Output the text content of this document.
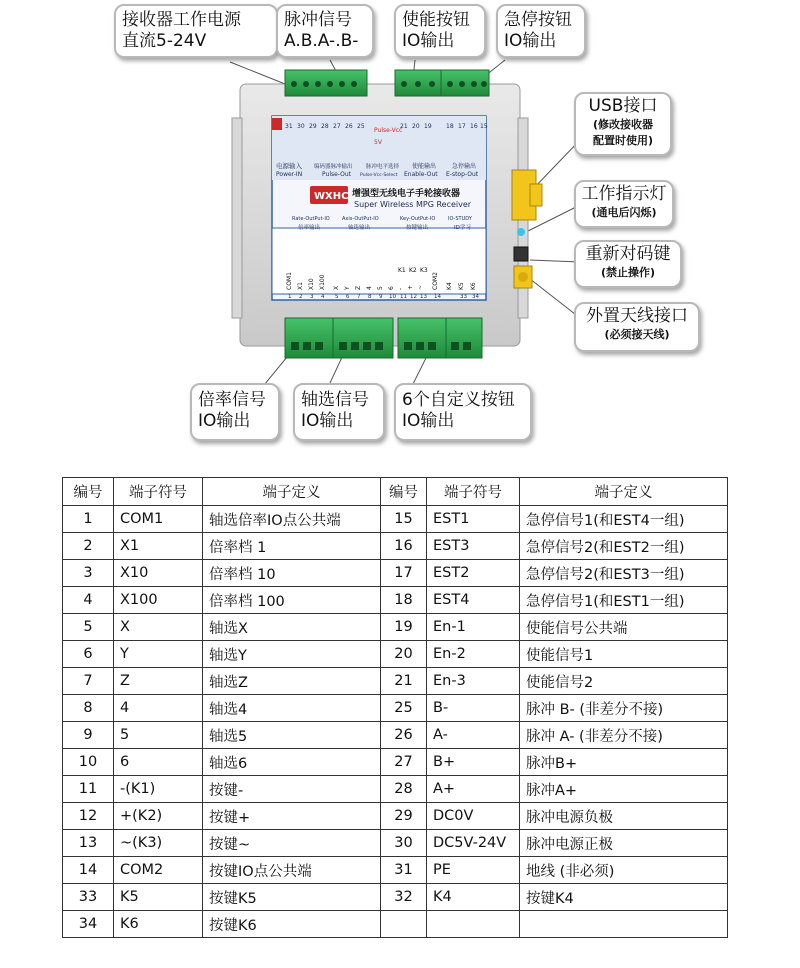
31 30 29 28 27 26 25	21 20 19 18 17 16 15
Pulse-Vcc
5V
电源输入
Power-IN
编码器脉冲输出
Pulse-Out
脉冲电平选择
Pulse-Vcc-Select
使能输出
Enable-Out
急停输出
E-stop-Out
WXHC 增强型无线电子手轮接收器
Super Wireless MPG Receiver
Rate-OutPut-IO
倍率输出
Axis-OutPut-IO
轴选输出
Key-OutPut-IO
按键输出
IO-STUDY
ID学习
COM1 X1 X10 X100 X Y Z 4 5 6 - + ~ COM2 K4 K5 K6
K1 K2 K3
1 2 3 4 5 6 7 8 9 10 11 12 13 14	33 34
接收器工作电源
直流5-24V
脉冲信号
A.B.A-.B-
使能按钮
IO输出
急停按钮
IO输出
USB接口
(修改接收器
配置时使用)
工作指示灯
(通电后闪烁)
重新对码键
(禁止操作)
外置天线接口
(必须接天线)
倍率信号
IO输出
轴选信号
IO输出
6个自定义按钮
IO输出
编号	端子符号	端子定义	编号	端子符号	端子定义
1	COM1	轴选倍率IO点公共端	15	EST1	急停信号1(和EST4一组)
2	X1	倍率档 1	16	EST3	急停信号2(和EST2一组)
3	X10	倍率档 10	17	EST2	急停信号2(和EST3一组)
4	X100	倍率档 100	18	EST4	急停信号1(和EST1一组)
5	X	轴选X	19	En-1	使能信号公共端
6	Y	轴选Y	20	En-2	使能信号1
7	Z	轴选Z	21	En-3	使能信号2
8	4	轴选4	25	B-	脉冲 B- (非差分不接)
9	5	轴选5	26	A-	脉冲 A- (非差分不接)
10	6	轴选6	27	B+	脉冲B+
11	-(K1)	按键-	28	A+	脉冲A+
12	+(K2)	按键+	29	DC0V	脉冲电源负极
13	~(K3)	按键~	30	DC5V-24V	脉冲电源正极
14	COM2	按键IO点公共端	31	PE	地线 (非必须)
33	K5	按键K5	32	K4	按键K4
34	K6	按键K6			
